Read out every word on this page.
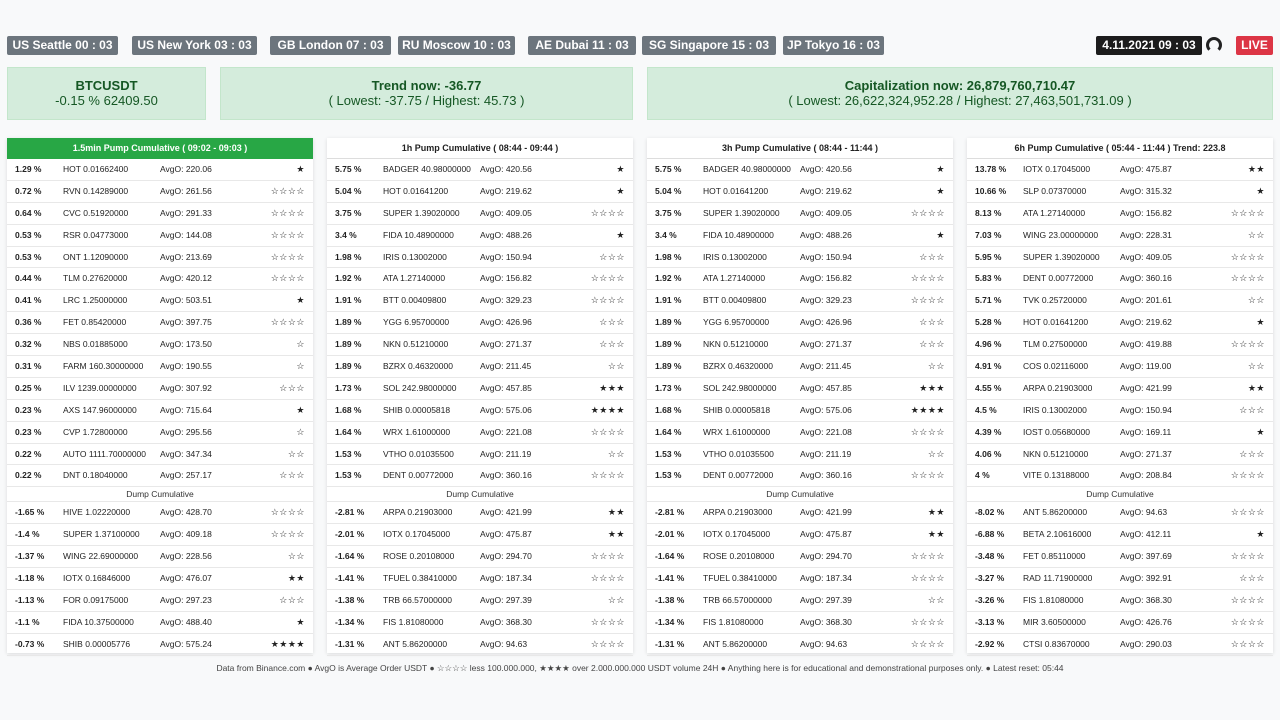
US Seattle 00 : 03	US New York 03 : 03	GB London 07 : 03	RU Moscow 10 : 03	AE Dubai 11 : 03	SG Singapore 15 : 03	JP Tokyo 16 : 03	4.11.2021 09 : 03	LIVE
BTCUSDT
-0.15 % 62409.50
Trend now: -36.77
( Lowest: -37.75 / Highest: 45.73 )
Capitalization now: 26,879,760,710.47
( Lowest: 26,622,324,952.28 / Highest: 27,463,501,731.09 )
1.5min Pump Cumulative ( 09:02 - 09:03 )
1.29 %	HOT 0.01662400	AvgO: 220.06	★
0.72 %	RVN 0.14289000	AvgO: 261.56	☆☆☆☆
0.64 %	CVC 0.51920000	AvgO: 291.33	☆☆☆☆
0.53 %	RSR 0.04773000	AvgO: 144.08	☆☆☆☆
0.53 %	ONT 1.12090000	AvgO: 213.69	☆☆☆☆
0.44 %	TLM 0.27620000	AvgO: 420.12	☆☆☆☆
0.41 %	LRC 1.25000000	AvgO: 503.51	★
0.36 %	FET 0.85420000	AvgO: 397.75	☆☆☆☆
0.32 %	NBS 0.01885000	AvgO: 173.50	☆
0.31 %	FARM 160.30000000 AvgO: 190.55	☆
0.25 %	ILV 1239.00000000	AvgO: 307.92	☆☆☆
0.23 %	AXS 147.96000000	AvgO: 715.64	★
0.23 %	CVP 1.72800000	AvgO: 295.56	☆
0.22 %	AUTO 1111.70000000 AvgO: 347.34	☆☆
0.22 %	DNT 0.18040000	AvgO: 257.17	☆☆☆
Dump Cumulative
-1.65 % HIVE 1.02220000	AvgO: 428.70	☆☆☆☆
-1.4 %	SUPER 1.37100000 AvgO: 409.18	☆☆☆☆
-1.37 % WING 22.69000000	AvgO: 228.56	☆☆
-1.18 % IOTX 0.16846000	AvgO: 476.07	★★
-1.13 % FOR 0.09175000	AvgO: 297.23	☆☆☆
-1.1 %	FIDA 10.37500000	AvgO: 488.40	★
-0.73 % SHIB 0.00005776	AvgO: 575.24	★★★★
1h Pump Cumulative ( 08:44 - 09:44 )
5.75 %	BADGER 40.98000000 AvgO: 420.56	★
5.04 %	HOT 0.01641200	AvgO: 219.62	★
3.75 %	SUPER 1.39020000 AvgO: 409.05	☆☆☆☆
3.4 %	FIDA 10.48900000	AvgO: 488.26	★
1.98 %	IRIS 0.13002000	AvgO: 150.94	☆☆☆
1.92 %	ATA 1.27140000	AvgO: 156.82	☆☆☆☆
1.91 %	BTT 0.00409800	AvgO: 329.23	☆☆☆☆
1.89 %	YGG 6.95700000	AvgO: 426.96	☆☆☆
1.89 %	NKN 0.51210000	AvgO: 271.37	☆☆☆
1.89 %	BZRX 0.46320000	AvgO: 211.45	☆☆
1.73 %	SOL 242.98000000	AvgO: 457.85	★★★
1.68 %	SHIB 0.00005818	AvgO: 575.06	★★★★
1.64 %	WRX 1.61000000	AvgO: 221.08	☆☆☆☆
1.53 %	VTHO 0.01035500	AvgO: 211.19	☆☆
1.53 %	DENT 0.00772000	AvgO: 360.16	☆☆☆☆
Dump Cumulative
-2.81 % ARPA 0.21903000	AvgO: 421.99	★★
-2.01 % IOTX 0.17045000	AvgO: 475.87	★★
-1.64 % ROSE 0.20108000	AvgO: 294.70	☆☆☆☆
-1.41 % TFUEL 0.38410000	AvgO: 187.34	☆☆☆☆
-1.38 % TRB 66.57000000	AvgO: 297.39	☆☆
-1.34 % FIS 1.81080000	AvgO: 368.30	☆☆☆☆
-1.31 % ANT 5.86200000	AvgO: 94.63	☆☆☆☆
3h Pump Cumulative ( 08:44 - 11:44 )
5.75 %	BADGER 40.98000000 AvgO: 420.56	★
5.04 %	HOT 0.01641200	AvgO: 219.62	★
3.75 %	SUPER 1.39020000 AvgO: 409.05	☆☆☆☆
3.4 %	FIDA 10.48900000	AvgO: 488.26	★
1.98 %	IRIS 0.13002000	AvgO: 150.94	☆☆☆
1.92 %	ATA 1.27140000	AvgO: 156.82	☆☆☆☆
1.91 %	BTT 0.00409800	AvgO: 329.23	☆☆☆☆
1.89 %	YGG 6.95700000	AvgO: 426.96	☆☆☆
1.89 %	NKN 0.51210000	AvgO: 271.37	☆☆☆
1.89 %	BZRX 0.46320000	AvgO: 211.45	☆☆
1.73 %	SOL 242.98000000	AvgO: 457.85	★★★
1.68 %	SHIB 0.00005818	AvgO: 575.06	★★★★
1.64 %	WRX 1.61000000	AvgO: 221.08	☆☆☆☆
1.53 %	VTHO 0.01035500	AvgO: 211.19	☆☆
1.53 %	DENT 0.00772000	AvgO: 360.16	☆☆☆☆
Dump Cumulative
-2.81 % ARPA 0.21903000	AvgO: 421.99	★★
-2.01 % IOTX 0.17045000	AvgO: 475.87	★★
-1.64 % ROSE 0.20108000	AvgO: 294.70	☆☆☆☆
-1.41 % TFUEL 0.38410000	AvgO: 187.34	☆☆☆☆
-1.38 % TRB 66.57000000	AvgO: 297.39	☆☆
-1.34 % FIS 1.81080000	AvgO: 368.30	☆☆☆☆
-1.31 % ANT 5.86200000	AvgO: 94.63	☆☆☆☆
6h Pump Cumulative ( 05:44 - 11:44 ) Trend: 223.8
13.78 % IOTX 0.17045000	AvgO: 475.87	★★
10.66 % SLP 0.07370000	AvgO: 315.32	★
8.13 %	ATA 1.27140000	AvgO: 156.82	☆☆☆☆
7.03 %	WING 23.00000000	AvgO: 228.31	☆☆
5.95 %	SUPER 1.39020000 AvgO: 409.05	☆☆☆☆
5.83 %	DENT 0.00772000	AvgO: 360.16	☆☆☆☆
5.71 %	TVK 0.25720000	AvgO: 201.61	☆☆
5.28 %	HOT 0.01641200	AvgO: 219.62	★
4.96 %	TLM 0.27500000	AvgO: 419.88	☆☆☆☆
4.91 %	COS 0.02116000	AvgO: 119.00	☆☆
4.55 %	ARPA 0.21903000	AvgO: 421.99	★★
4.5 %	IRIS 0.13002000	AvgO: 150.94	☆☆☆
4.39 %	IOST 0.05680000	AvgO: 169.11	★
4.06 %	NKN 0.51210000	AvgO: 271.37	☆☆☆
4 %	VITE 0.13188000	AvgO: 208.84	☆☆☆☆
Dump Cumulative
-8.02 % ANT 5.86200000	AvgO: 94.63	☆☆☆☆
-6.88 % BETA 2.10616000	AvgO: 412.11	★
-3.48 % FET 0.85110000	AvgO: 397.69	☆☆☆☆
-3.27 % RAD 11.71900000	AvgO: 392.91	☆☆☆
-3.26 % FIS 1.81080000	AvgO: 368.30	☆☆☆☆
-3.13 % MIR 3.60500000	AvgO: 426.76	☆☆☆☆
-2.92 % CTSI 0.83670000	AvgO: 290.03	☆☆☆☆
Data from Binance.com ● AvgO is Average Order USDT ● ☆☆☆☆ less 100.000.000, ★★★★ over 2.000.000.000 USDT volume 24H ● Anything here is for educational and demonstrational purposes only. ● Latest reset: 05:44
